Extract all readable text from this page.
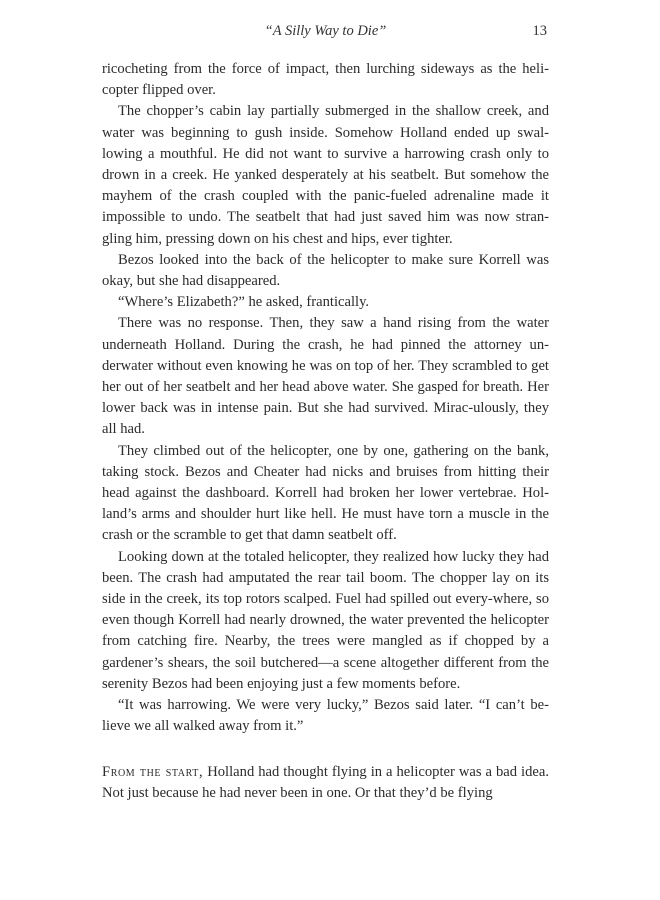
“A Silly Way to Die”	13

ricocheting from the force of impact, then lurching sideways as the heli-copter flipped over.

The chopper’s cabin lay partially submerged in the shallow creek, and water was beginning to gush inside. Somehow Holland ended up swal-lowing a mouthful. He did not want to survive a harrowing crash only to drown in a creek. He yanked desperately at his seatbelt. But somehow the mayhem of the crash coupled with the panic-fueled adrenaline made it impossible to undo. The seatbelt that had just saved him was now stran-gling him, pressing down on his chest and hips, ever tighter.

Bezos looked into the back of the helicopter to make sure Korrell was okay, but she had disappeared.

“Where’s Elizabeth?” he asked, frantically.

There was no response. Then, they saw a hand rising from the water underneath Holland. During the crash, he had pinned the attorney un-derwater without even knowing he was on top of her. They scrambled to get her out of her seatbelt and her head above water. She gasped for breath. Her lower back was in intense pain. But she had survived. Mirac-ulously, they all had.

They climbed out of the helicopter, one by one, gathering on the bank, taking stock. Bezos and Cheater had nicks and bruises from hitting their head against the dashboard. Korrell had broken her lower vertebrae. Hol-land’s arms and shoulder hurt like hell. He must have torn a muscle in the crash or the scramble to get that damn seatbelt off.

Looking down at the totaled helicopter, they realized how lucky they had been. The crash had amputated the rear tail boom. The chopper lay on its side in the creek, its top rotors scalped. Fuel had spilled out every-where, so even though Korrell had nearly drowned, the water prevented the helicopter from catching fire. Nearby, the trees were mangled as if chopped by a gardener’s shears, the soil butchered—a scene altogether different from the serenity Bezos had been enjoying just a few moments before.

“It was harrowing. We were very lucky,” Bezos said later. “I can’t be-lieve we all walked away from it.”

From the start, Holland had thought flying in a helicopter was a bad idea. Not just because he had never been in one. Or that they’d be flying
